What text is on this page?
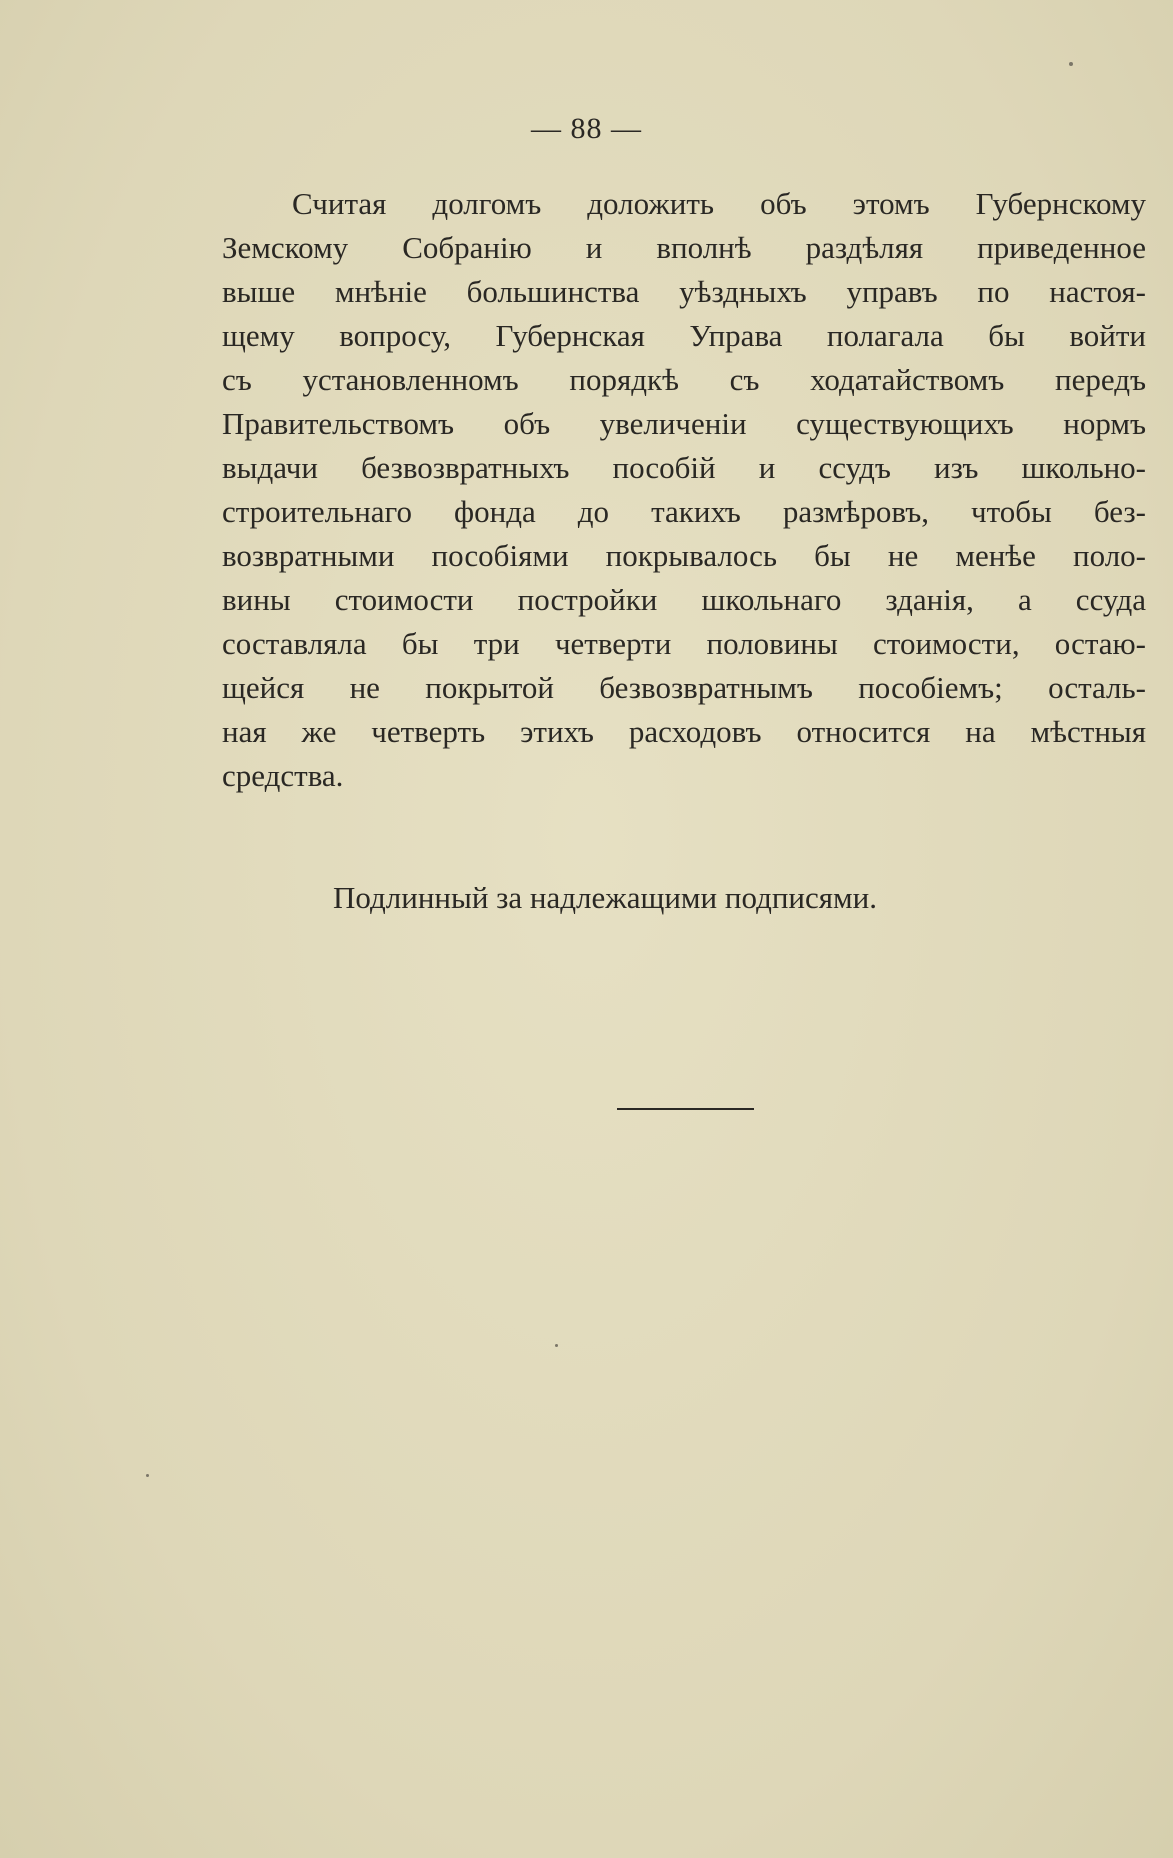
— 88 —
Считая долгомъ доложить объ этомъ Губернскому
Земскому Собранію и вполнѣ раздѣляя приведенное
выше мнѣніе большинства уѣздныхъ управъ по настоя-
щему вопросу, Губернская Управа полагала бы войти
съ установленномъ порядкѣ съ ходатайствомъ передъ
Правительствомъ объ увеличеніи существующихъ нормъ
выдачи безвозвратныхъ пособій и ссудъ изъ школьно-
строительнаго фонда до такихъ размѣровъ, чтобы без-
возвратными пособіями покрывалось бы не менѣе поло-
вины стоимости постройки школьнаго зданія, а ссуда
составляла бы три четверти половины стоимости, остаю-
щейся не покрытой безвозвратнымъ пособіемъ; осталь-
ная же четверть этихъ расходовъ относится на мѣстныя
средства.
Подлинный за надлежащими подписями.
